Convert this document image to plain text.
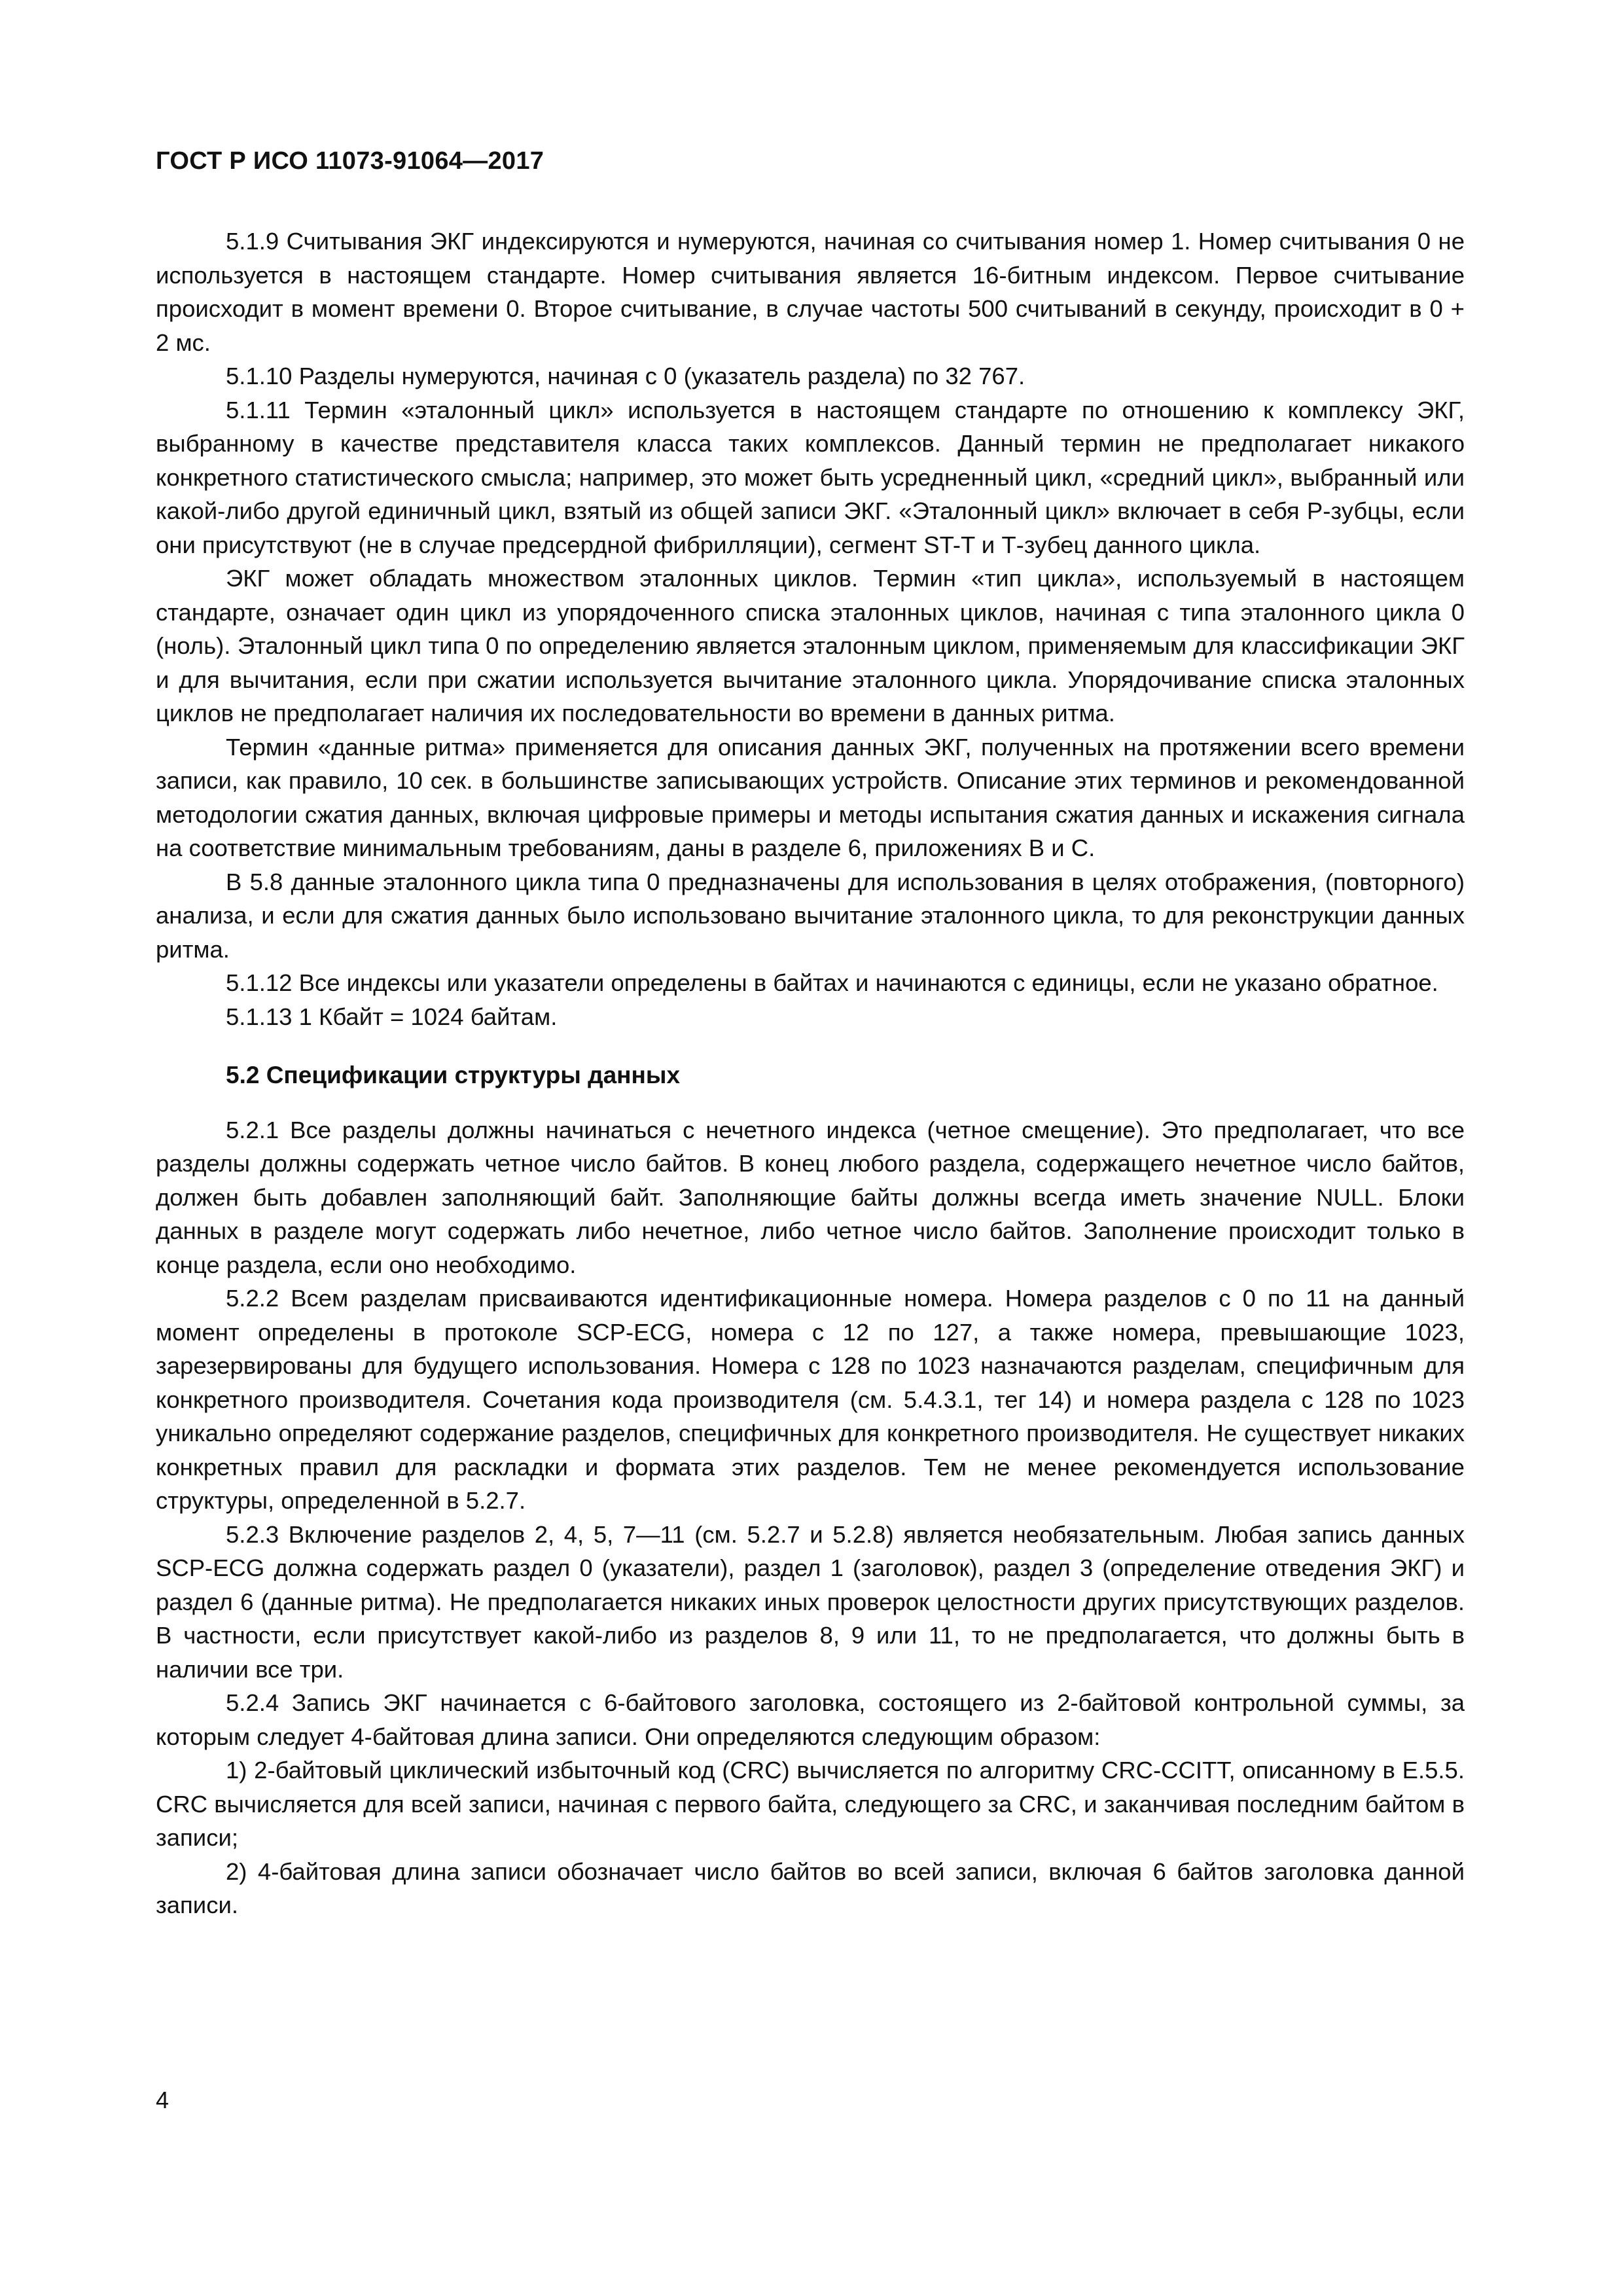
ГОСТ Р ИСО 11073-91064—2017

5.1.9 Считывания ЭКГ индексируются и нумеруются, начиная со считывания номер 1. Номер считывания 0 не используется в настоящем стандарте. Номер считывания является 16-битным индексом. Первое считывание происходит в момент времени 0. Второе считывание, в случае частоты 500 считываний в секунду, происходит в 0 + 2 мс.

5.1.10 Разделы нумеруются, начиная с 0 (указатель раздела) по 32 767.

5.1.11 Термин «эталонный цикл» используется в настоящем стандарте по отношению к комплексу ЭКГ, выбранному в качестве представителя класса таких комплексов. Данный термин не предполагает никакого конкретного статистического смысла; например, это может быть усредненный цикл, «средний цикл», выбранный или какой-либо другой единичный цикл, взятый из общей записи ЭКГ. «Эталонный цикл» включает в себя Р-зубцы, если они присутствуют (не в случае предсердной фибрилляции), сегмент ST-T и Т-зубец данного цикла.

ЭКГ может обладать множеством эталонных циклов. Термин «тип цикла», используемый в настоящем стандарте, означает один цикл из упорядоченного списка эталонных циклов, начиная с типа эталонного цикла 0 (ноль). Эталонный цикл типа 0 по определению является эталонным циклом, применяемым для классификации ЭКГ и для вычитания, если при сжатии используется вычитание эталонного цикла. Упорядочивание списка эталонных циклов не предполагает наличия их последовательности во времени в данных ритма.

Термин «данные ритма» применяется для описания данных ЭКГ, полученных на протяжении всего времени записи, как правило, 10 сек. в большинстве записывающих устройств. Описание этих терминов и рекомендованной методологии сжатия данных, включая цифровые примеры и методы испытания сжатия данных и искажения сигнала на соответствие минимальным требованиям, даны в разделе 6, приложениях В и С.

В 5.8 данные эталонного цикла типа 0 предназначены для использования в целях отображения, (повторного) анализа, и если для сжатия данных было использовано вычитание эталонного цикла, то для реконструкции данных ритма.

5.1.12 Все индексы или указатели определены в байтах и начинаются с единицы, если не указано обратное.

5.1.13 1 Кбайт = 1024 байтам.

5.2 Спецификации структуры данных

5.2.1 Все разделы должны начинаться с нечетного индекса (четное смещение). Это предполагает, что все разделы должны содержать четное число байтов. В конец любого раздела, содержащего нечетное число байтов, должен быть добавлен заполняющий байт. Заполняющие байты должны всегда иметь значение NULL. Блоки данных в разделе могут содержать либо нечетное, либо четное число байтов. Заполнение происходит только в конце раздела, если оно необходимо.

5.2.2 Всем разделам присваиваются идентификационные номера. Номера разделов с 0 по 11 на данный момент определены в протоколе SCP-ECG, номера с 12 по 127, а также номера, превышающие 1023, зарезервированы для будущего использования. Номера с 128 по 1023 назначаются разделам, специфичным для конкретного производителя. Сочетания кода производителя (см. 5.4.3.1, тег 14) и номера раздела с 128 по 1023 уникально определяют содержание разделов, специфичных для конкретного производителя. Не существует никаких конкретных правил для раскладки и формата этих разделов. Тем не менее рекомендуется использование структуры, определенной в 5.2.7.

5.2.3 Включение разделов 2, 4, 5, 7—11 (см. 5.2.7 и 5.2.8) является необязательным. Любая запись данных SCP-ECG должна содержать раздел 0 (указатели), раздел 1 (заголовок), раздел 3 (определение отведения ЭКГ) и раздел 6 (данные ритма). Не предполагается никаких иных проверок целостности других присутствующих разделов. В частности, если присутствует какой-либо из разделов 8, 9 или 11, то не предполагается, что должны быть в наличии все три.

5.2.4 Запись ЭКГ начинается с 6-байтового заголовка, состоящего из 2-байтовой контрольной суммы, за которым следует 4-байтовая длина записи. Они определяются следующим образом:

1) 2-байтовый циклический избыточный код (CRC) вычисляется по алгоритму CRC-CCITT, описанному в Е.5.5. CRC вычисляется для всей записи, начиная с первого байта, следующего за CRC, и заканчивая последним байтом в записи;

2) 4-байтовая длина записи обозначает число байтов во всей записи, включая 6 байтов заголовка данной записи.

4
